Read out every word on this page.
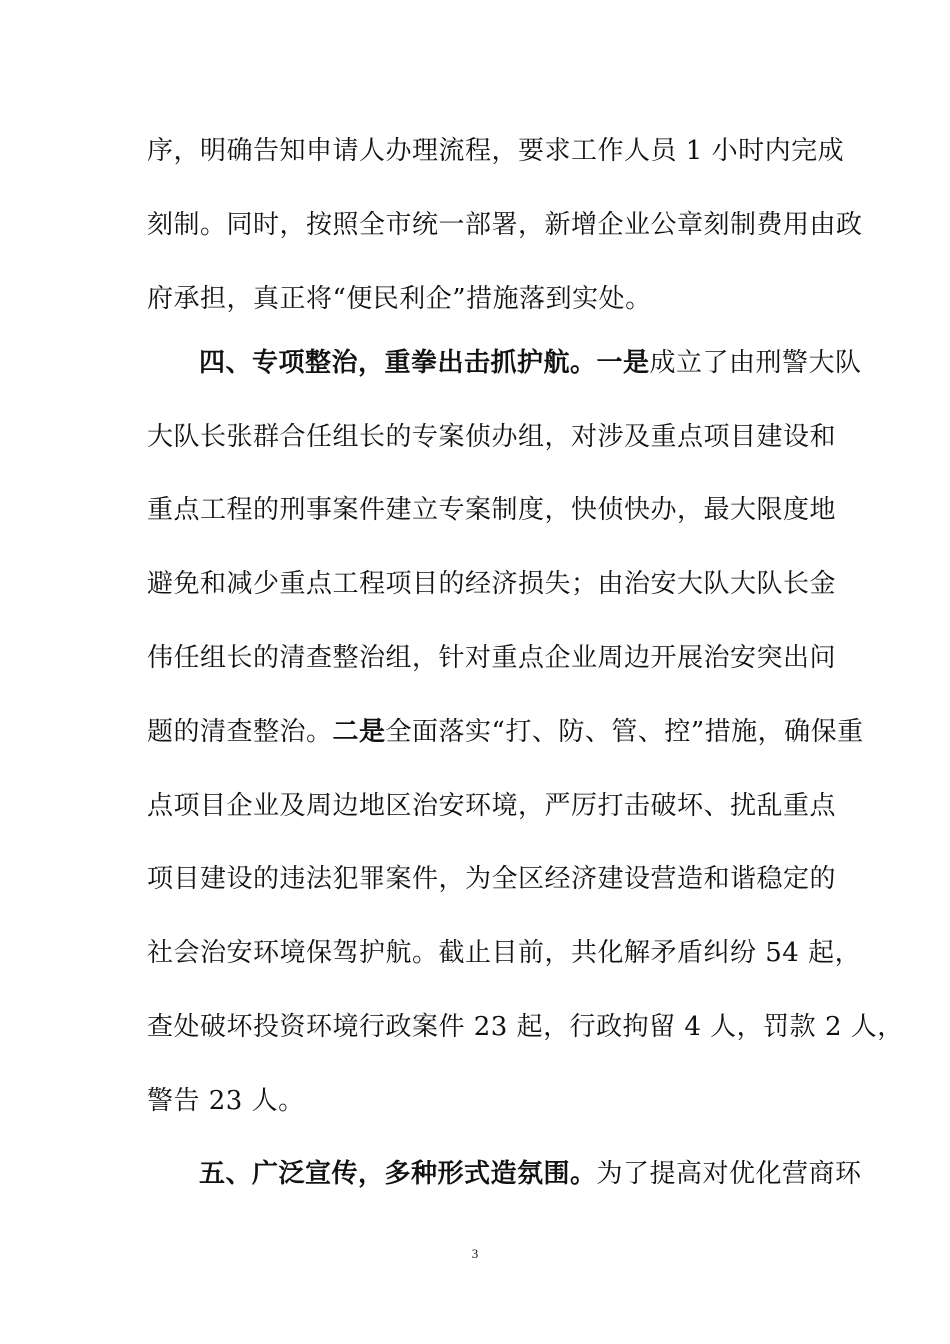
序，明确告知申请人办理流程，要求工作人员 1 小时内完成
刻制。同时，按照全市统一部署，新增企业公章刻制费用由政
府承担，真正将“便民利企”措施落到实处。
四、专项整治，重拳出击抓护航。一是成立了由刑警大队
大队长张群合任组长的专案侦办组，对涉及重点项目建设和
重点工程的刑事案件建立专案制度，快侦快办，最大限度地
避免和减少重点工程项目的经济损失；由治安大队大队长金
伟任组长的清查整治组，针对重点企业周边开展治安突出问
题的清查整治。二是全面落实“打、防、管、控”措施，确保重
点项目企业及周边地区治安环境，严厉打击破坏、扰乱重点
项目建设的违法犯罪案件，为全区经济建设营造和谐稳定的
社会治安环境保驾护航。截止目前，共化解矛盾纠纷 54 起，
查处破坏投资环境行政案件 23 起，行政拘留 4 人，罚款 2 人，
警告 23 人。
五、广泛宣传，多种形式造氛围。为了提高对优化营商环
3
